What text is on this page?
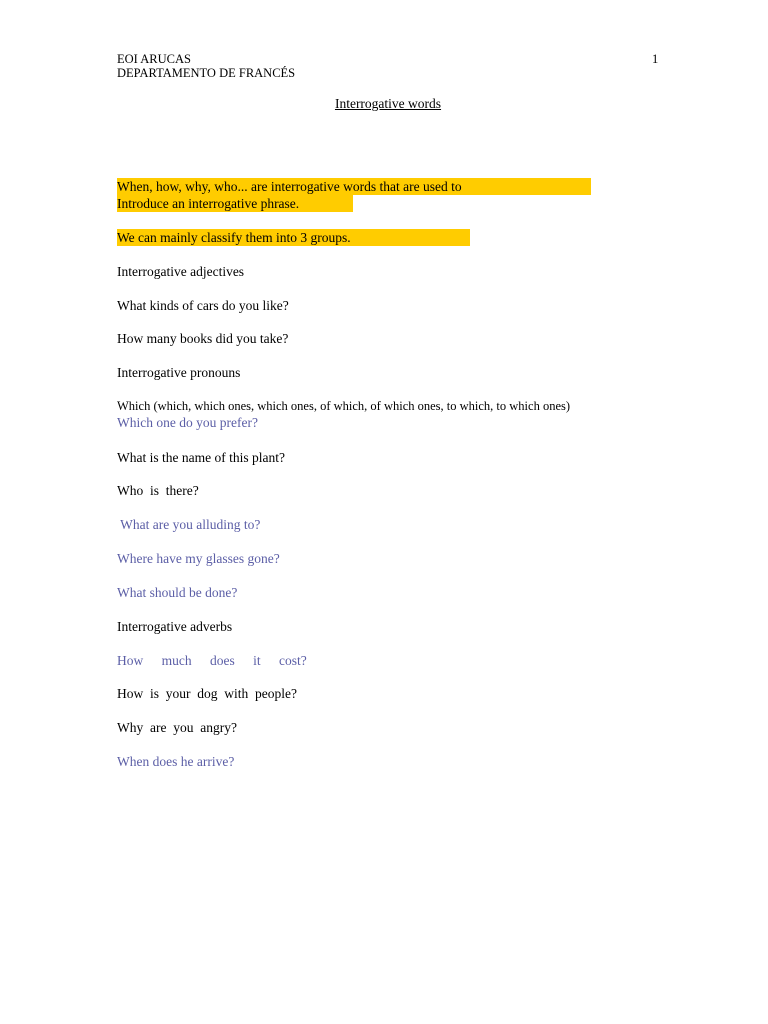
EOI ARUCAS
DEPARTAMENTO DE FRANCÉS
1
Interrogative words
When, how, why, who... are interrogative words that are used to
Introduce an interrogative phrase.
We can mainly classify them into 3 groups.
Interrogative adjectives
What kinds of cars do you like?
How many books did you take?
Interrogative pronouns
Which (which, which ones, which ones, of which, of which ones, to which, to which ones)
Which one do you prefer?
What is the name of this plant?
Who  is  there?
What are you alluding to?
Where have my glasses gone?
What should be done?
Interrogative adverbs
How much does it cost?
How  is  your  dog  with  people?
Why  are  you  angry?
When does he arrive?
